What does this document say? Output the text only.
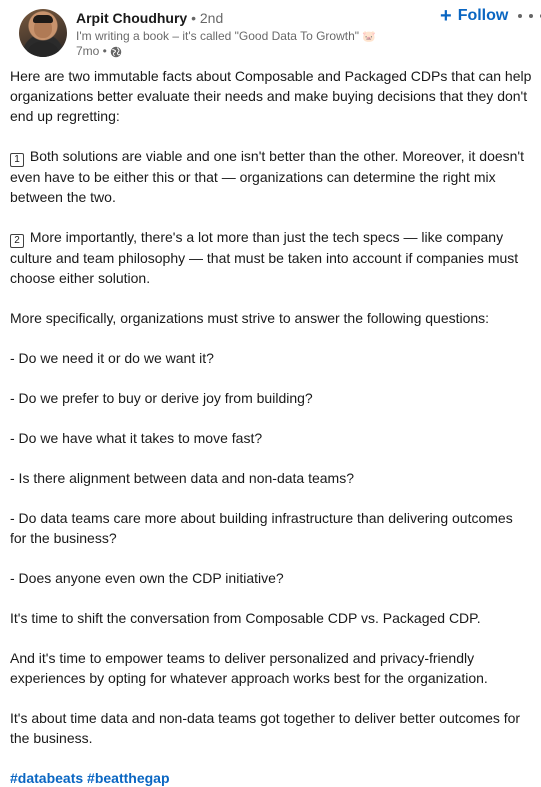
Arpit Choudhury • 2nd
I'm writing a book – it's called "Good Data To Growth" 🐷
7mo •
+ Follow

Here are two immutable facts about Composable and Packaged CDPs that can help organizations better evaluate their needs and make buying decisions that they don't end up regretting:

1 Both solutions are viable and one isn't better than the other. Moreover, it doesn't even have to be either this or that — organizations can determine the right mix between the two.

2 More importantly, there's a lot more than just the tech specs — like company culture and team philosophy — that must be taken into account if companies must choose either solution.

More specifically, organizations must strive to answer the following questions:

- Do we need it or do we want it?

- Do we prefer to buy or derive joy from building?

- Do we have what it takes to move fast?

- Is there alignment between data and non-data teams?

- Do data teams care more about building infrastructure than delivering outcomes for the business?

- Does anyone even own the CDP initiative?

It's time to shift the conversation from Composable CDP vs. Packaged CDP.

And it's time to empower teams to deliver personalized and privacy-friendly experiences by opting for whatever approach works best for the organization.

It's about time data and non-data teams got together to deliver better outcomes for the business.

#databeats #beatthegap
